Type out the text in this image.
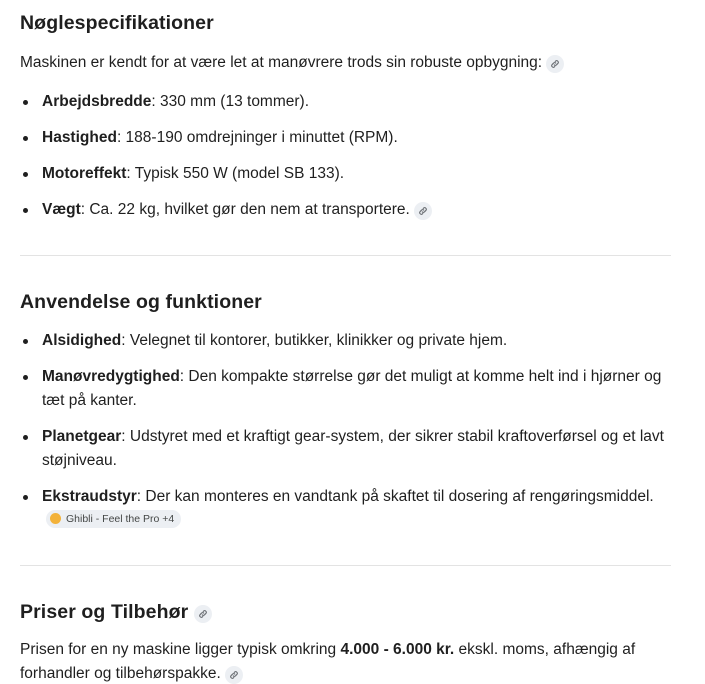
Nøglespecifikationer

Maskinen er kendt for at være let at manøvrere trods sin robuste opbygning:

Arbejdsbredde: 330 mm (13 tommer).
Hastighed: 188-190 omdrejninger i minuttet (RPM).
Motoreffekt: Typisk 550 W (model SB 133).
Vægt: Ca. 22 kg, hvilket gør den nem at transportere.
Anvendelse og funktioner
Alsidighed: Velegnet til kontorer, butikker, klinikker og private hjem.
Manøvredygtighed: Den kompakte størrelse gør det muligt at komme helt ind i hjørner og tæt på kanter.
Planetgear: Udstyret med et kraftigt gear-system, der sikrer stabil kraftoverførsel og et lavt støjniveau.
Ekstraudstyr: Der kan monteres en vandtank på skaftet til dosering af rengøringsmiddel.
Ghibli - Feel the Pro +4
Priser og Tilbehør

Prisen for en ny maskine ligger typisk omkring 4.000 - 6.000 kr. ekskl. moms, afhængig af forhandler og tilbehørspakke.
